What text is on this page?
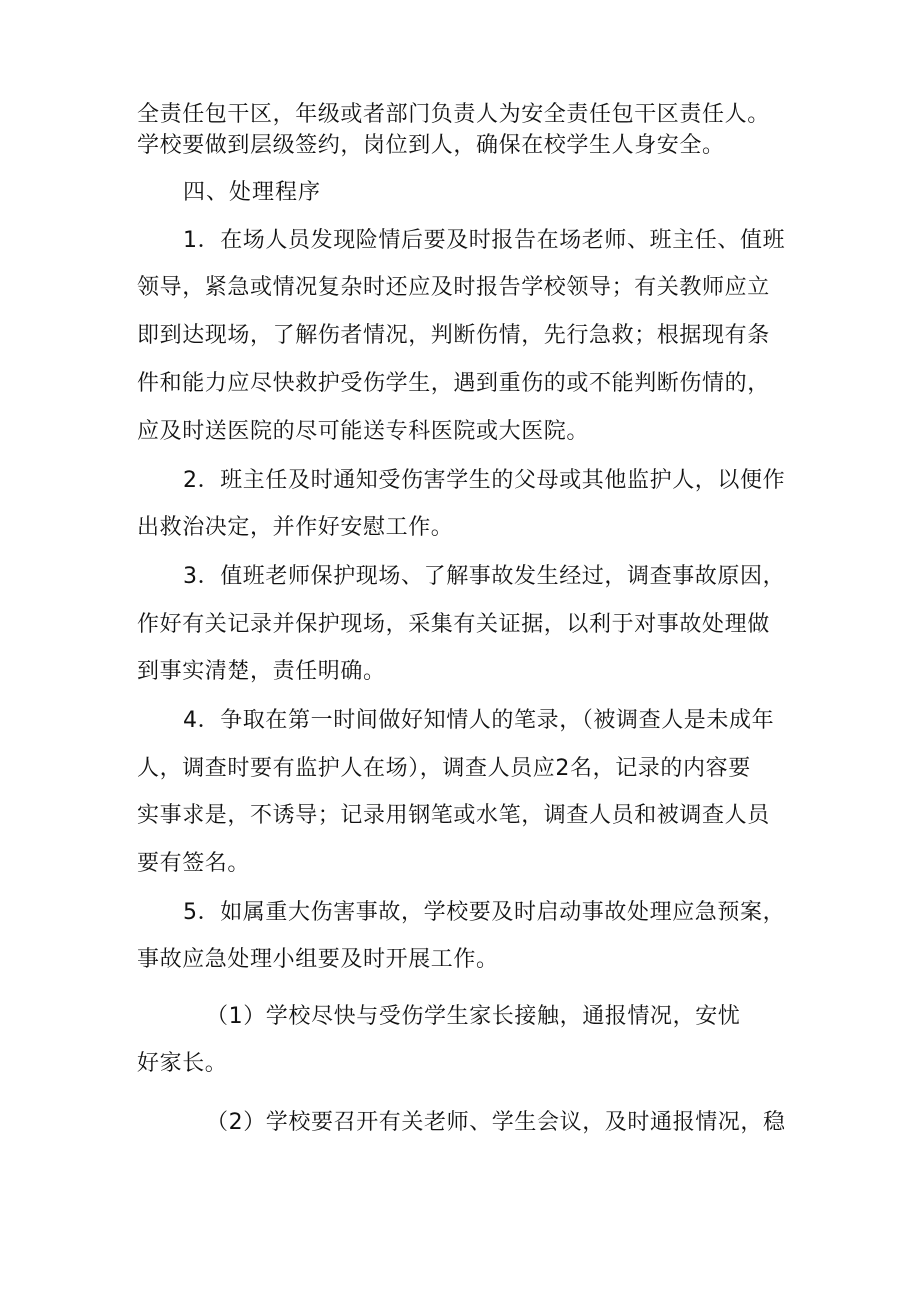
全责任包干区，年级或者部门负责人为安全责任包干区责任人。
学校要做到层级签约，岗位到人，确保在校学生人身安全。
四、处理程序
1．在场人员发现险情后要及时报告在场老师、班主任、值班
领导，紧急或情况复杂时还应及时报告学校领导；有关教师应立
即到达现场，了解伤者情况，判断伤情，先行急救；根据现有条
件和能力应尽快救护受伤学生，遇到重伤的或不能判断伤情的，
应及时送医院的尽可能送专科医院或大医院。
2．班主任及时通知受伤害学生的父母或其他监护人，以便作
出救治决定，并作好安慰工作。
3．值班老师保护现场、了解事故发生经过，调查事故原因，
作好有关记录并保护现场，采集有关证据，以利于对事故处理做
到事实清楚，责任明确。
4．争取在第一时间做好知情人的笔录，（被调查人是未成年
人，调查时要有监护人在场），调查人员应2名，记录的内容要
实事求是，不诱导；记录用钢笔或水笔，调查人员和被调查人员
要有签名。
5．如属重大伤害事故，学校要及时启动事故处理应急预案，
事故应急处理小组要及时开展工作。
（1）学校尽快与受伤学生家长接触，通报情况，安忧
好家长。
（2）学校要召开有关老师、学生会议，及时通报情况，稳
